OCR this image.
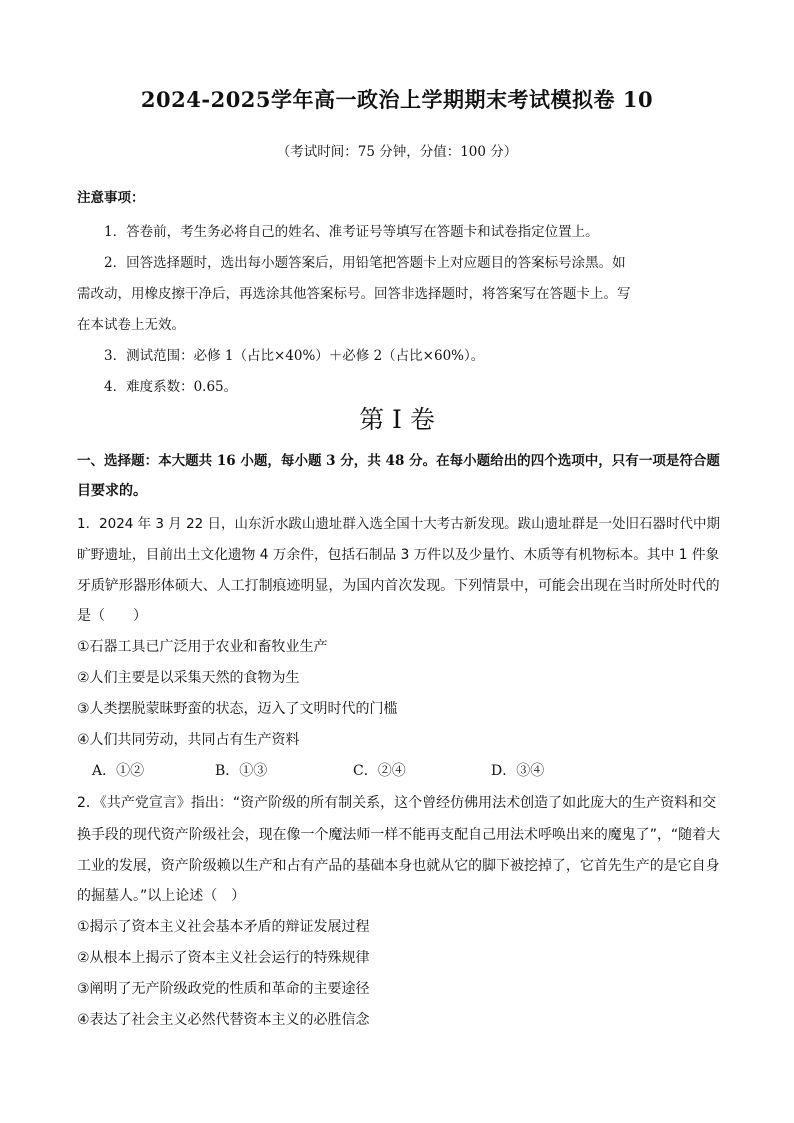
2024-2025学年高一政治上学期期末考试模拟卷 10
（考试时间：75 分钟，分值：100 分）
注意事项：
1．答卷前，考生务必将自己的姓名、准考证号等填写在答题卡和试卷指定位置上。
2．回答选择题时，选出每小题答案后，用铅笔把答题卡上对应题目的答案标号涂黑。如
需改动，用橡皮擦干净后，再选涂其他答案标号。回答非选择题时，将答案写在答题卡上。写
在本试卷上无效。
3．测试范围：必修 1（占比×40%）＋必修 2（占比×60%）。
4．难度系数：0.65。
第 I 卷
一、选择题：本大题共 16 小题，每小题 3 分，共 48 分。在每小题给出的四个选项中，只有一项是符合题
目要求的。
1．2024 年 3 月 22 日，山东沂水跋山遗址群入选全国十大考古新发现。跋山遗址群是一处旧石器时代中期
旷野遗址，目前出土文化遗物 4 万余件，包括石制品 3 万件以及少量竹、木质等有机物标本。其中 1 件象
牙质铲形器形体硕大、人工打制痕迹明显，为国内首次发现。下列情景中，可能会出现在当时所处时代的
是（　　）
①石器工具已广泛用于农业和畜牧业生产
②人们主要是以采集天然的食物为生
③人类摆脱蒙昧野蛮的状态，迈入了文明时代的门槛
④人们共同劳动，共同占有生产资料
A．①②	B．①③	C．②④	D．③④
2．《共产党宣言》指出：“资产阶级的所有制关系，这个曾经仿佛用法术创造了如此庞大的生产资料和交
换手段的现代资产阶级社会，现在像一个魔法师一样不能再支配自己用法术呼唤出来的魔鬼了”，“随着大
工业的发展，资产阶级赖以生产和占有产品的基础本身也就从它的脚下被挖掉了，它首先生产的是它自身
的掘墓人。”以上论述（　）
①揭示了资本主义社会基本矛盾的辩证发展过程
②从根本上揭示了资本主义社会运行的特殊规律
③阐明了无产阶级政党的性质和革命的主要途径
④表达了社会主义必然代替资本主义的必胜信念
